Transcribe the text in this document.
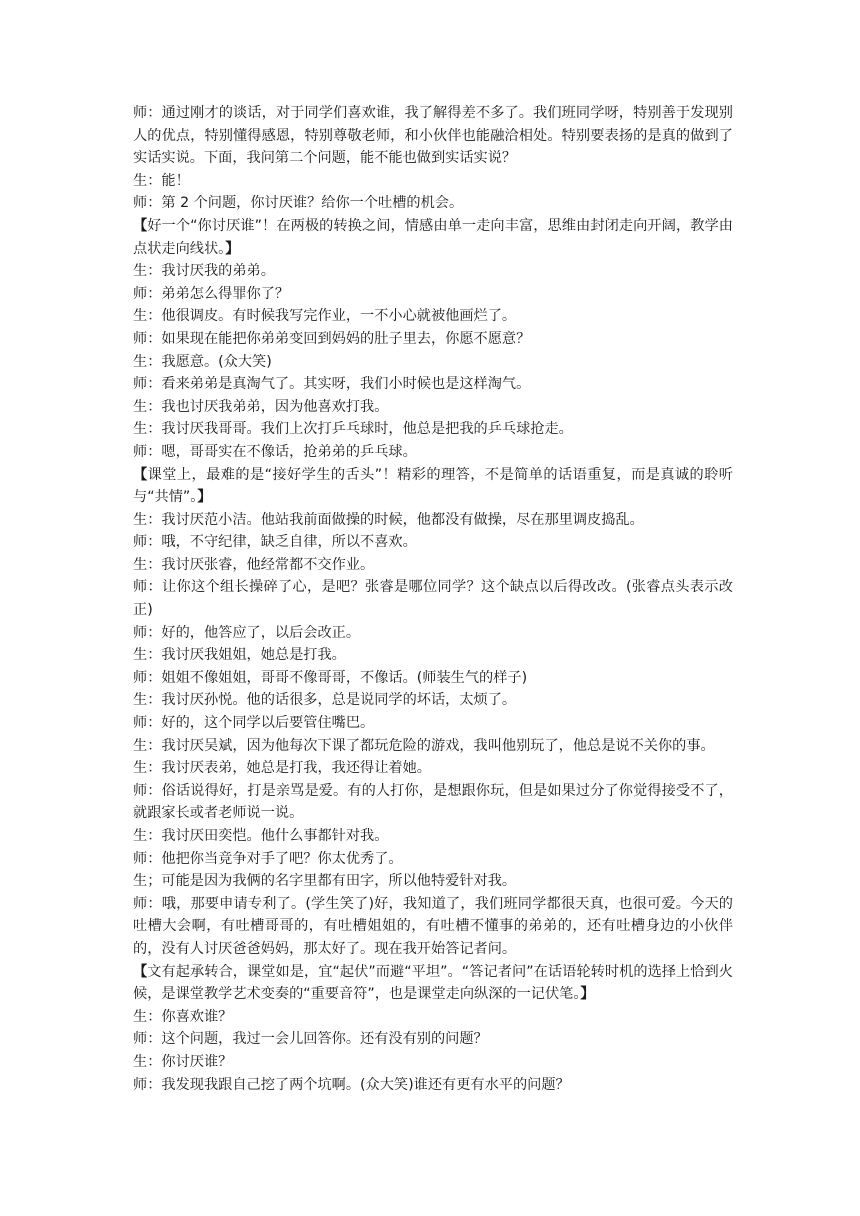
师：通过刚才的谈话，对于同学们喜欢谁，我了解得差不多了。我们班同学呀，特别善于发现别人的优点，特别懂得感恩，特别尊敬老师，和小伙伴也能融洽相处。特别要表扬的是真的做到了实话实说。下面，我问第二个问题，能不能也做到实话实说？

生：能！

师：第 2 个问题，你讨厌谁？给你一个吐槽的机会。

【好一个“你讨厌谁”！在两极的转换之间，情感由单一走向丰富，思维由封闭走向开阔，教学由点状走向线状。】

生：我讨厌我的弟弟。

师：弟弟怎么得罪你了？

生：他很调皮。有时候我写完作业，一不小心就被他画烂了。

师：如果现在能把你弟弟变回到妈妈的肚子里去，你愿不愿意？

生：我愿意。(众大笑)

师：看来弟弟是真淘气了。其实呀，我们小时候也是这样淘气。

生：我也讨厌我弟弟，因为他喜欢打我。

生：我讨厌我哥哥。我们上次打乒乓球时，他总是把我的乒乓球抢走。

师：嗯，哥哥实在不像话，抢弟弟的乒乓球。

【课堂上，最难的是“接好学生的舌头”！精彩的理答，不是简单的话语重复，而是真诚的聆听与“共情”。】

生：我讨厌范小洁。他站我前面做操的时候，他都没有做操，尽在那里调皮捣乱。

师：哦，不守纪律，缺乏自律，所以不喜欢。

生：我讨厌张睿，他经常都不交作业。

师：让你这个组长操碎了心，是吧？张睿是哪位同学？这个缺点以后得改改。(张睿点头表示改正)

师：好的，他答应了，以后会改正。

生：我讨厌我姐姐，她总是打我。

师：姐姐不像姐姐，哥哥不像哥哥，不像话。(师装生气的样子)

生：我讨厌孙悦。他的话很多，总是说同学的坏话，太烦了。

师：好的，这个同学以后要管住嘴巴。

生：我讨厌吴斌，因为他每次下课了都玩危险的游戏，我叫他别玩了，他总是说不关你的事。

生：我讨厌表弟，她总是打我，我还得让着她。

师：俗话说得好，打是亲骂是爱。有的人打你，是想跟你玩，但是如果过分了你觉得接受不了，就跟家长或者老师说一说。

生：我讨厌田奕恺。他什么事都针对我。

师：他把你当竞争对手了吧？你太优秀了。

生；可能是因为我俩的名字里都有田字，所以他特爱针对我。

师：哦，那要申请专利了。(学生笑了)好，我知道了，我们班同学都很天真，也很可爱。今天的吐槽大会啊，有吐槽哥哥的，有吐槽姐姐的，有吐槽不懂事的弟弟的，还有吐槽身边的小伙伴的，没有人讨厌爸爸妈妈，那太好了。现在我开始答记者问。

【文有起承转合，课堂如是，宜“起伏”而避“平坦”。“答记者问”在话语轮转时机的选择上恰到火候，是课堂教学艺术变奏的“重要音符”，也是课堂走向纵深的一记伏笔。】

生：你喜欢谁？

师：这个问题，我过一会儿回答你。还有没有别的问题？

生：你讨厌谁？

师：我发现我跟自己挖了两个坑啊。(众大笑)谁还有更有水平的问题？
